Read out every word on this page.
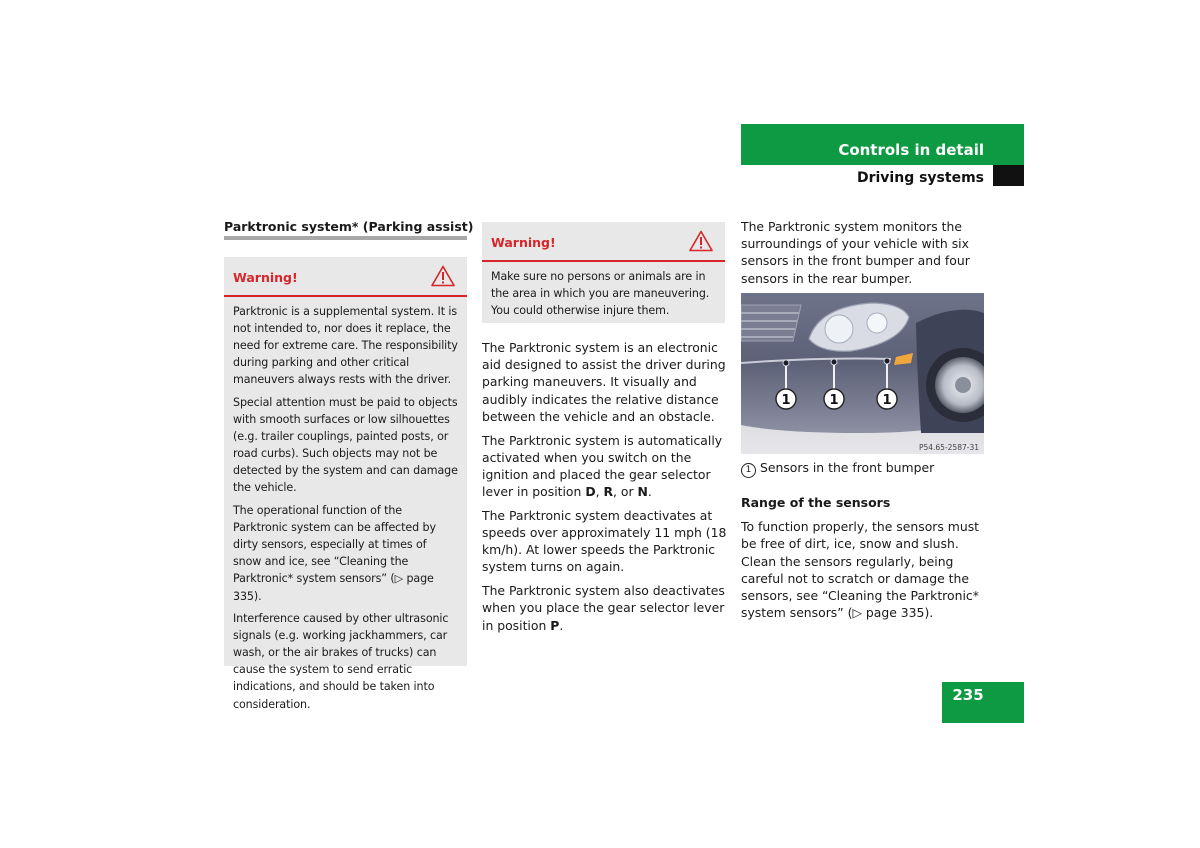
Controls in detail
Driving systems
Parktronic system* (Parking assist)
Warning!

Parktronic is a supplemental system. It is not intended to, nor does it replace, the need for extreme care. The responsibility during parking and other critical maneuvers always rests with the driver.

Special attention must be paid to objects with smooth surfaces or low silhouettes (e.g. trailer couplings, painted posts, or road curbs). Such objects may not be detected by the system and can damage the vehicle.

The operational function of the Parktronic system can be affected by dirty sensors, especially at times of snow and ice, see “Cleaning the Parktronic* system sensors” (▷ page 335).

Interference caused by other ultrasonic signals (e.g. working jackhammers, car wash, or the air brakes of trucks) can cause the system to send erratic indications, and should be taken into consideration.

Warning!

Make sure no persons or animals are in the area in which you are maneuvering. You could otherwise injure them.

The Parktronic system is an electronic aid designed to assist the driver during parking maneuvers. It visually and audibly indicates the relative distance between the vehicle and an obstacle.

The Parktronic system is automatically activated when you switch on the ignition and placed the gear selector lever in position D, R, or N.

The Parktronic system deactivates at speeds over approximately 11 mph (18 km/h). At lower speeds the Parktronic system turns on again.

The Parktronic system also deactivates when you place the gear selector lever in position P.

The Parktronic system monitors the surroundings of your vehicle with six sensors in the front bumper and four sensors in the rear bumper.

1	1	1
P54.65-2587-31
1 Sensors in the front bumper
Range of the sensors

To function properly, the sensors must be free of dirt, ice, snow and slush. Clean the sensors regularly, being careful not to scratch or damage the sensors, see “Cleaning the Parktronic* system sensors” (▷ page 335).

235
